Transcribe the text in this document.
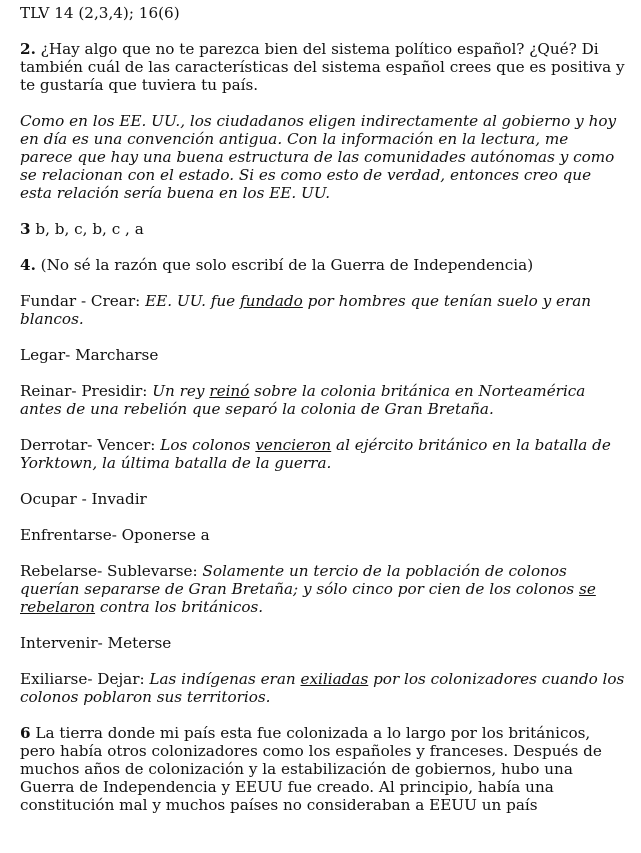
TLV 14 (2,3,4); 16(6)

2. ¿Hay algo que no te parezca bien del sistema político español? ¿Qué? Di también cuál de las características del sistema español crees que es positiva y te gustaría que tuviera tu país.

Como en los EE. UU., los ciudadanos eligen indirectamente al gobierno y hoy en día es una convención antigua. Con la información en la lectura, me parece que hay una buena estructura de las comunidades autónomas y como se relacionan con el estado. Si es como esto de verdad, entonces creo que esta relación sería buena en los EE. UU.

3 b, b, c, b, c , a

4. (No sé la razón que solo escribí de la Guerra de Independencia)

Fundar - Crear: EE. UU. fue fundado por hombres que tenían suelo y eran blancos.

Legar- Marcharse

Reinar- Presidir: Un rey reinó sobre la colonia británica en Norteamérica antes de una rebelión que separó la colonia de Gran Bretaña.

Derrotar- Vencer: Los colonos vencieron al ejército británico en la batalla de Yorktown, la última batalla de la guerra.

Ocupar - Invadir

Enfrentarse- Oponerse a

Rebelarse- Sublevarse: Solamente un tercio de la población de colonos querían separarse de Gran Bretaña; y sólo cinco por cien de los colonos se rebelaron contra los británicos.

Intervenir- Meterse

Exiliarse- Dejar: Las indígenas eran exiliadas por los colonizadores cuando los colonos poblaron sus territorios.

6 La tierra donde mi país esta fue colonizada a lo largo por los británicos, pero había otros colonizadores como los españoles y franceses. Después de muchos años de colonización y la estabilización de gobiernos, hubo una Guerra de Independencia y EEUU fue creado. Al principio, había una constitución mal y muchos países no consideraban a EEUU un país
